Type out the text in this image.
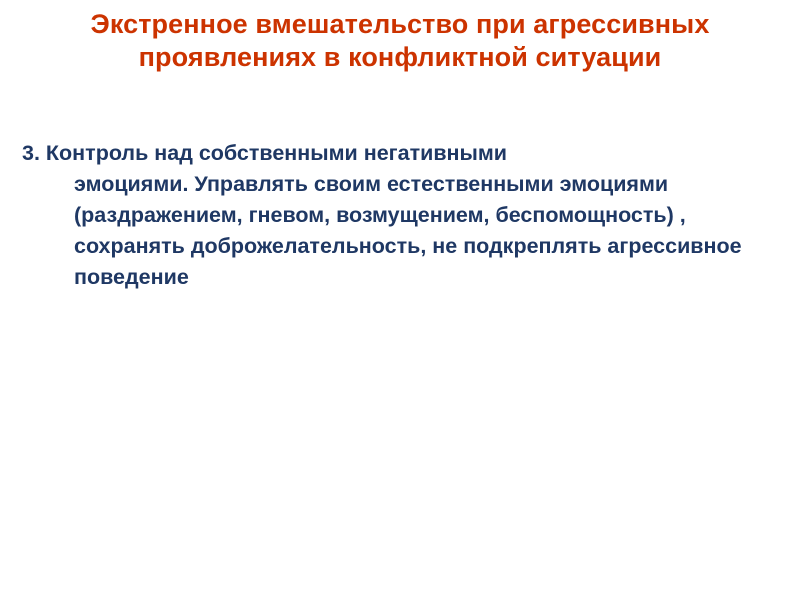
Экстренное вмешательство при агрессивных проявлениях в конфликтной ситуации
3. Контроль над собственными негативными
эмоциями. Управлять своим естественными эмоциями (раздражением, гневом, возмущением, беспомощность) , сохранять доброжелательность, не подкреплять агрессивное поведение
